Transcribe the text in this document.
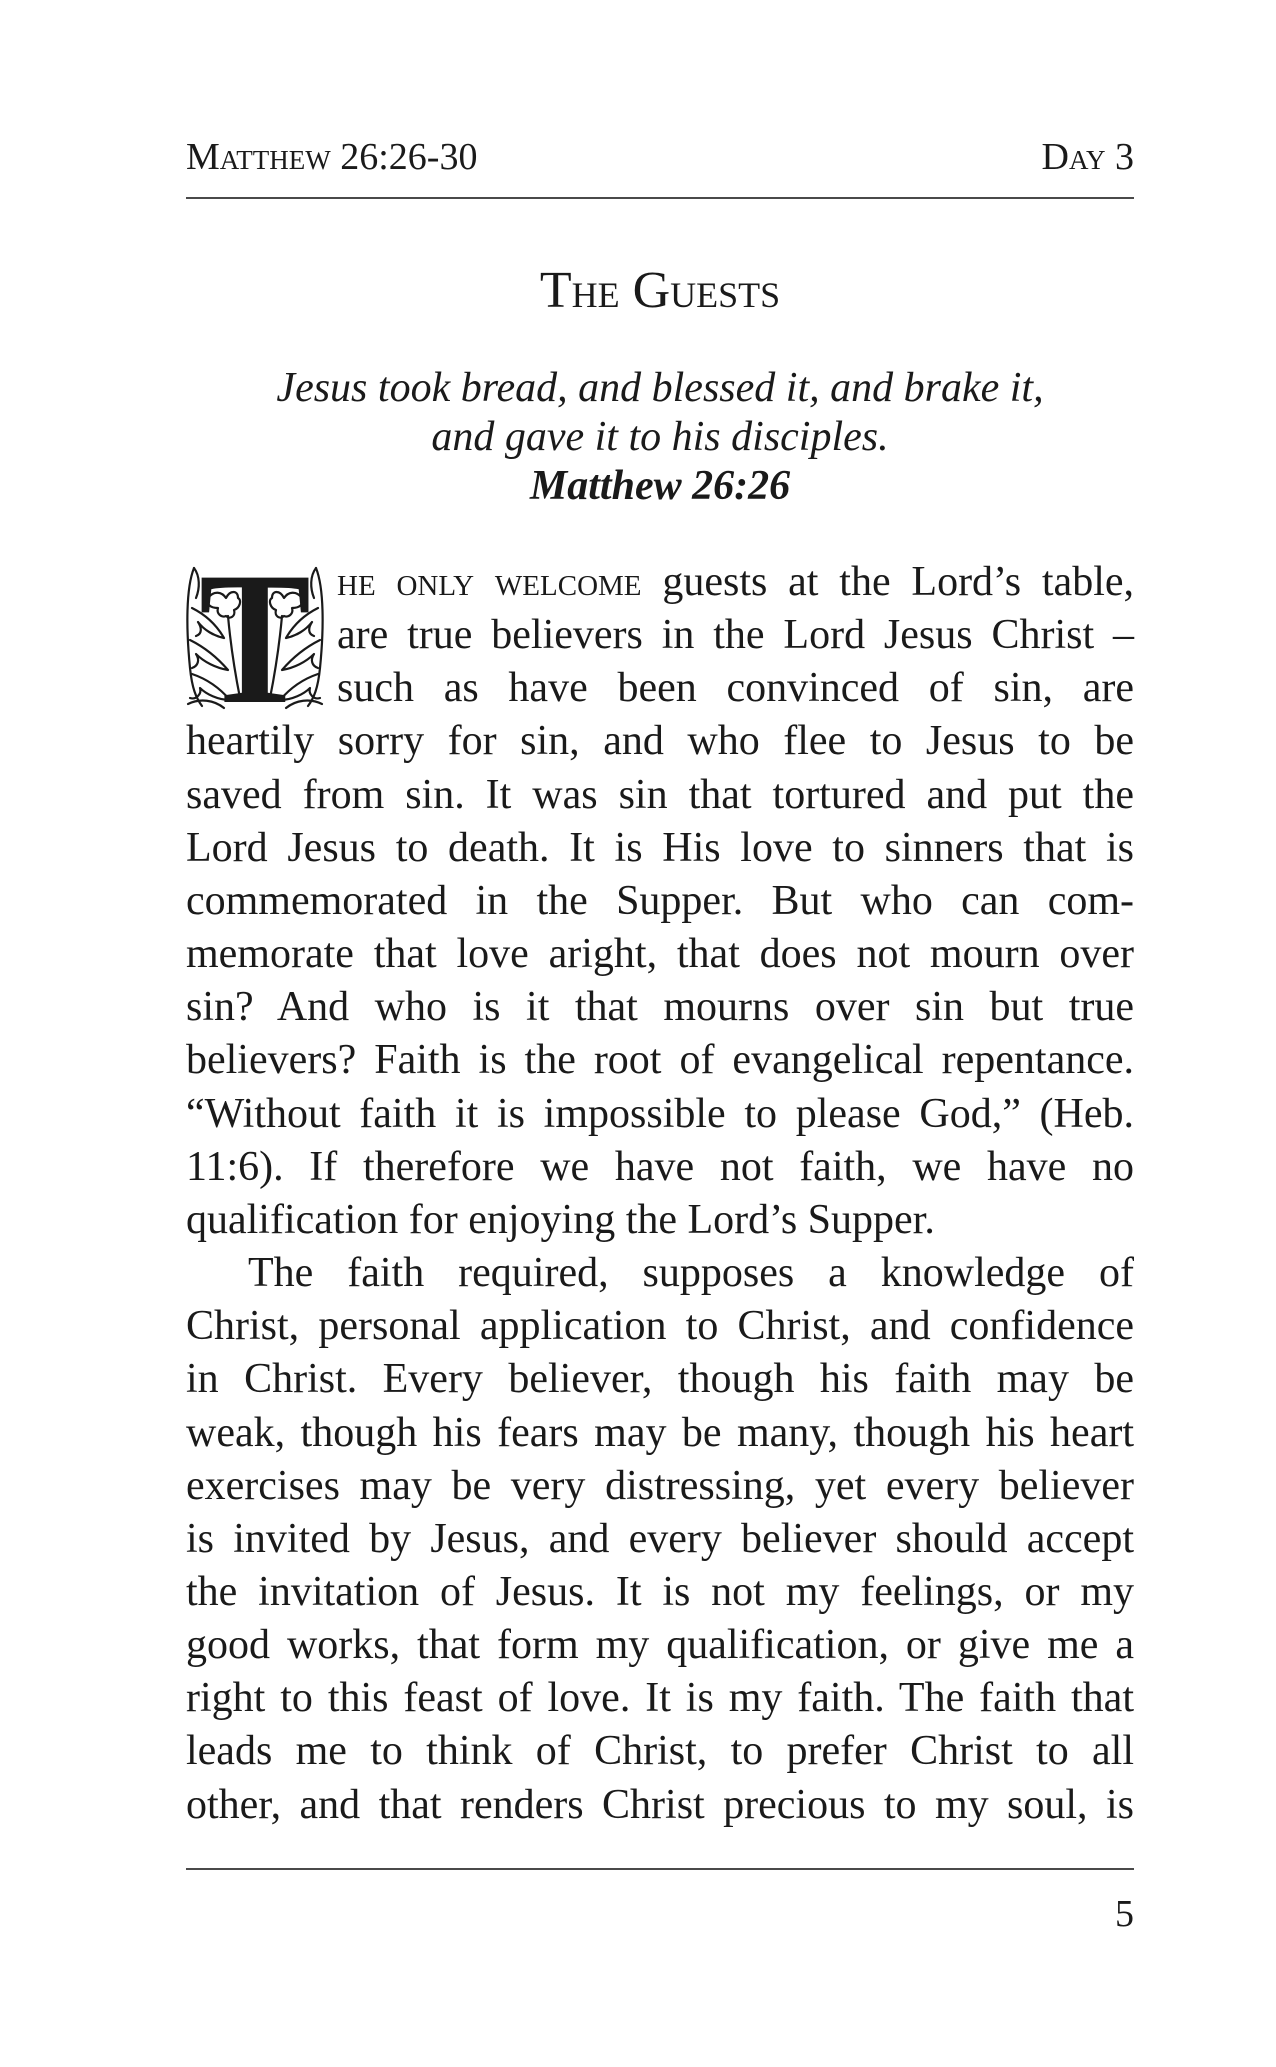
Matthew 26:26-30	Day 3
The Guests
Jesus took bread, and blessed it, and brake it,
and gave it to his disciples.
Matthew 26:26
T he only welcome guests at the Lord’s table,
are true believers in the Lord Jesus Christ –
such as have been convinced of sin, are
heartily sorry for sin, and who flee to Jesus to be
saved from sin. It was sin that tortured and put the
Lord Jesus to death. It is His love to sinners that is
commemorated in the Supper. But who can com-
memorate that love aright, that does not mourn over
sin? And who is it that mourns over sin but true
believers? Faith is the root of evangelical repentance.
“Without faith it is impossible to please God,” (Heb.
11:6). If therefore we have not faith, we have no
qualification for enjoying the Lord’s Supper.
The faith required, supposes a knowledge of
Christ, personal application to Christ, and confidence
in Christ. Every believer, though his faith may be
weak, though his fears may be many, though his heart
exercises may be very distressing, yet every believer
is invited by Jesus, and every believer should accept
the invitation of Jesus. It is not my feelings, or my
good works, that form my qualification, or give me a
right to this feast of love. It is my faith. The faith that
leads me to think of Christ, to prefer Christ to all
other, and that renders Christ precious to my soul, is
5
